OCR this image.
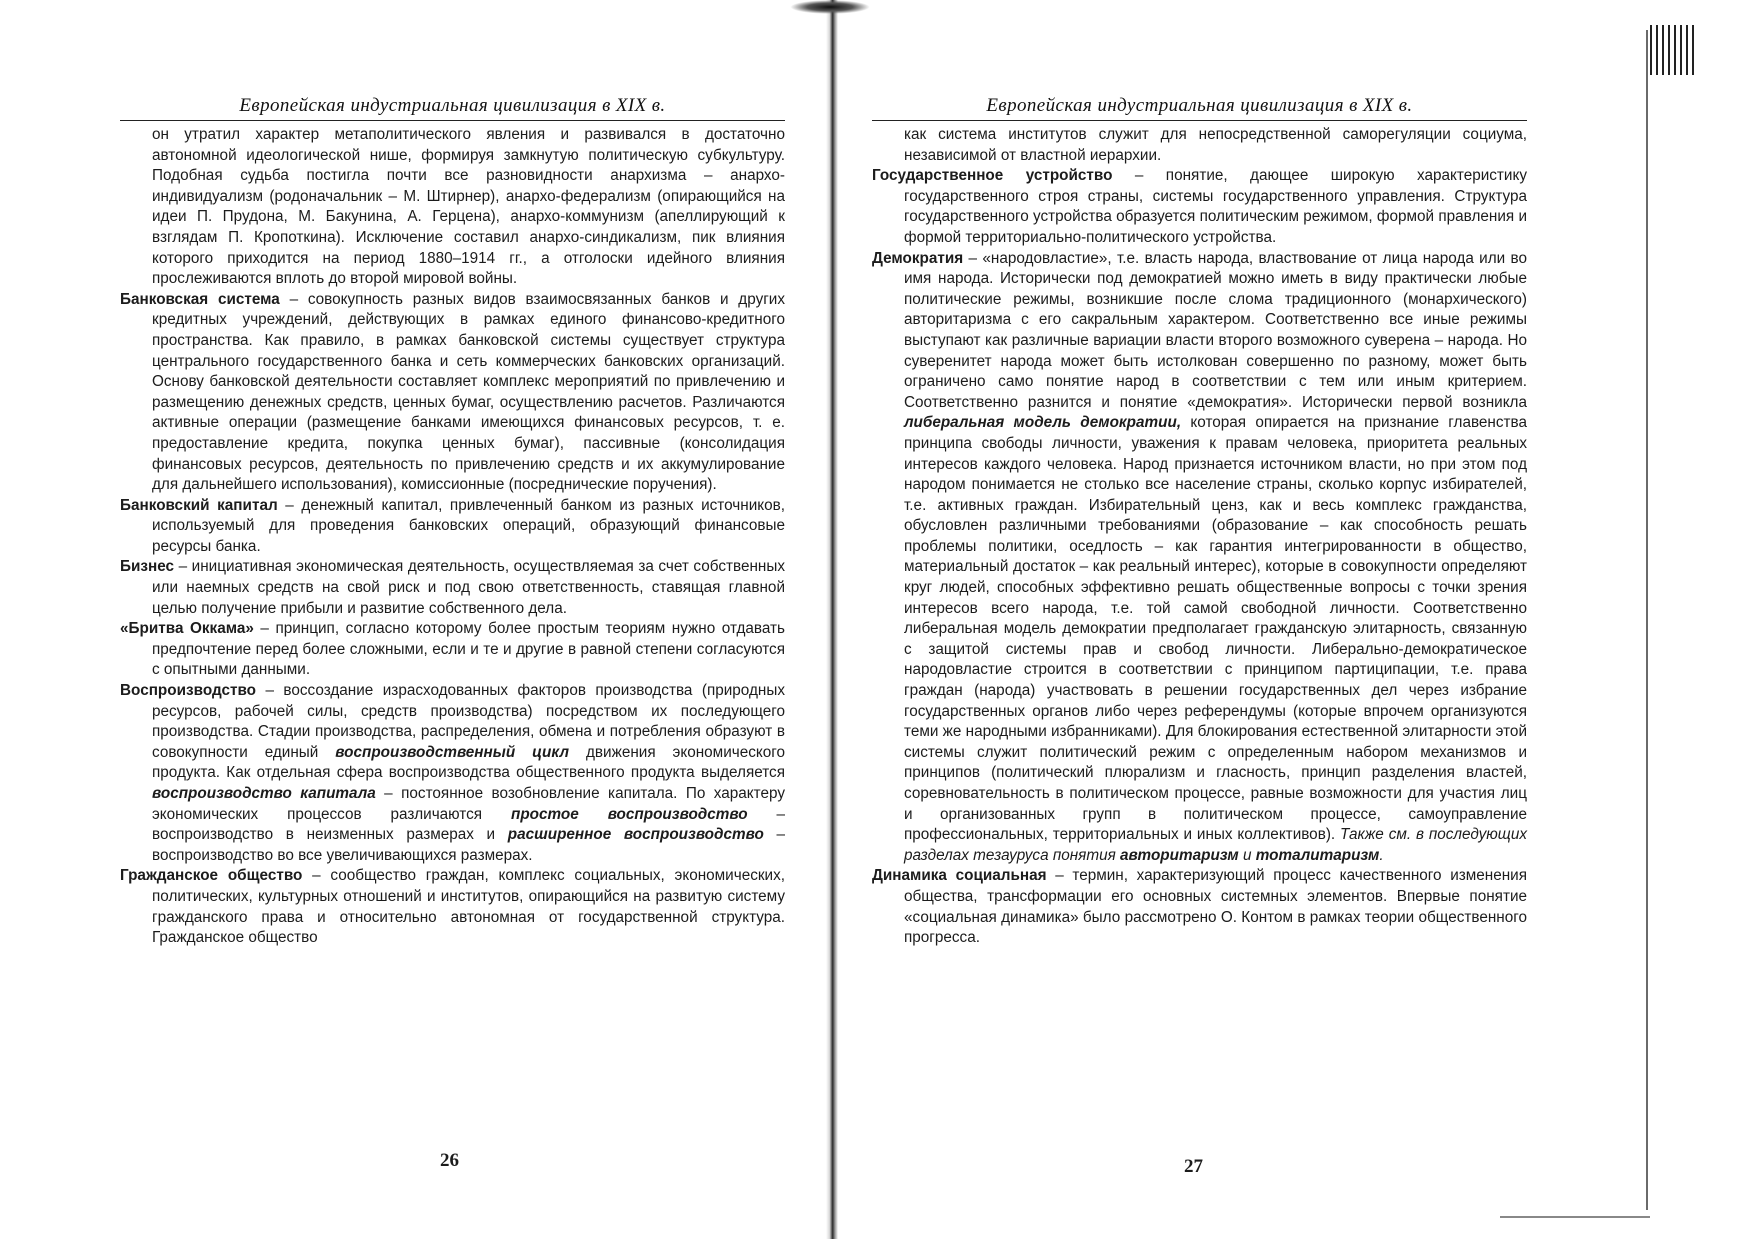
Европейская индустриальная цивилизация в XIX в.

он утратил характер метаполитического явления и развивался в достаточно автономной идеологической нише, формируя замкнутую политическую субкультуру. Подобная судьба постигла почти все разновидности анархизма – анархо-индивидуализм (родоначальник – М. Штирнер), анархо-федерализм (опирающийся на идеи П. Прудона, М. Бакунина, А. Герцена), анархо-коммунизм (апеллирующий к взглядам П. Кропоткина). Исключение составил анархо-синдикализм, пик влияния которого приходится на период 1880–1914 гг., а отголоски идейного влияния прослеживаются вплоть до второй мировой войны.

Банковская система – совокупность разных видов взаимосвязанных банков и других кредитных учреждений, действующих в рамках единого финансово-кредитного пространства. Как правило, в рамках банковской системы существует структура центрального государственного банка и сеть коммерческих банковских организаций. Основу банковской деятельности составляет комплекс мероприятий по привлечению и размещению денежных средств, ценных бумаг, осуществлению расчетов. Различаются активные операции (размещение банками имеющихся финансовых ресурсов, т. е. предоставление кредита, покупка ценных бумаг), пассивные (консолидация финансовых ресурсов, деятельность по привлечению средств и их аккумулирование для дальнейшего использования), комиссионные (посреднические поручения).

Банковский капитал – денежный капитал, привлеченный банком из разных источников, используемый для проведения банковских операций, образующий финансовые ресурсы банка.

Бизнес – инициативная экономическая деятельность, осуществляемая за счет собственных или наемных средств на свой риск и под свою ответственность, ставящая главной целью получение прибыли и развитие собственного дела.

«Бритва Оккама» – принцип, согласно которому более простым теориям нужно отдавать предпочтение перед более сложными, если и те и другие в равной степени согласуются с опытными данными.

Воспроизводство – воссоздание израсходованных факторов производства (природных ресурсов, рабочей силы, средств производства) посредством их последующего производства. Стадии производства, распределения, обмена и потребления образуют в совокупности единый воспроизводственный цикл движения экономического продукта. Как отдельная сфера воспроизводства общественного продукта выделяется воспроизводство капитала – постоянное возобновление капитала. По характеру экономических процессов различаются простое воспроизводство – воспроизводство в неизменных размерах и расширенное воспроизводство – воспроизводство во все увеличивающихся размерах.

Гражданское общество – сообщество граждан, комплекс социальных, экономических, политических, культурных отношений и институтов, опирающийся на развитую систему гражданского права и относительно автономная от государственной структура. Гражданское общество

26
Европейская индустриальная цивилизация в XIX в.

как система институтов служит для непосредственной саморегуляции социума, независимой от властной иерархии.

Государственное устройство – понятие, дающее широкую характеристику государственного строя страны, системы государственного управления. Структура государственного устройства образуется политическим режимом, формой правления и формой территориально-политического устройства.

Демократия – «народовластие», т.е. власть народа, властвование от лица народа или во имя народа. Исторически под демократией можно иметь в виду практически любые политические режимы, возникшие после слома традиционного (монархического) авторитаризма с его сакральным характером. Соответственно все иные режимы выступают как различные вариации власти второго возможного суверена – народа. Но суверенитет народа может быть истолкован совершенно по разному, может быть ограничено само понятие народ в соответствии с тем или иным критерием. Соответственно разнится и понятие «демократия». Исторически первой возникла либеральная модель демократии, которая опирается на признание главенства принципа свободы личности, уважения к правам человека, приоритета реальных интересов каждого человека. Народ признается источником власти, но при этом под народом понимается не столько все население страны, сколько корпус избирателей, т.е. активных граждан. Избирательный ценз, как и весь комплекс гражданства, обусловлен различными требованиями (образование – как способность решать проблемы политики, оседлость – как гарантия интегрированности в общество, материальный достаток – как реальный интерес), которые в совокупности определяют круг людей, способных эффективно решать общественные вопросы с точки зрения интересов всего народа, т.е. той самой свободной личности. Соответственно либеральная модель демократии предполагает гражданскую элитарность, связанную с защитой системы прав и свобод личности. Либерально-демократическое народовластие строится в соответствии с принципом партиципации, т.е. права граждан (народа) участвовать в решении государственных дел через избрание государственных органов либо через референдумы (которые впрочем организуются теми же народными избранниками). Для блокирования естественной элитарности этой системы служит политический режим с определенным набором механизмов и принципов (политический плюрализм и гласность, принцип разделения властей, соревновательность в политическом процессе, равные возможности для участия лиц и организованных групп в политическом процессе, самоуправление профессиональных, территориальных и иных коллективов). Также см. в последующих разделах тезауруса понятия авторитаризм и тоталитаризм.

Динамика социальная – термин, характеризующий процесс качественного изменения общества, трансформации его основных системных элементов. Впервые понятие «социальная динамика» было рассмотрено О. Контом в рамках теории общественного прогресса.

27
